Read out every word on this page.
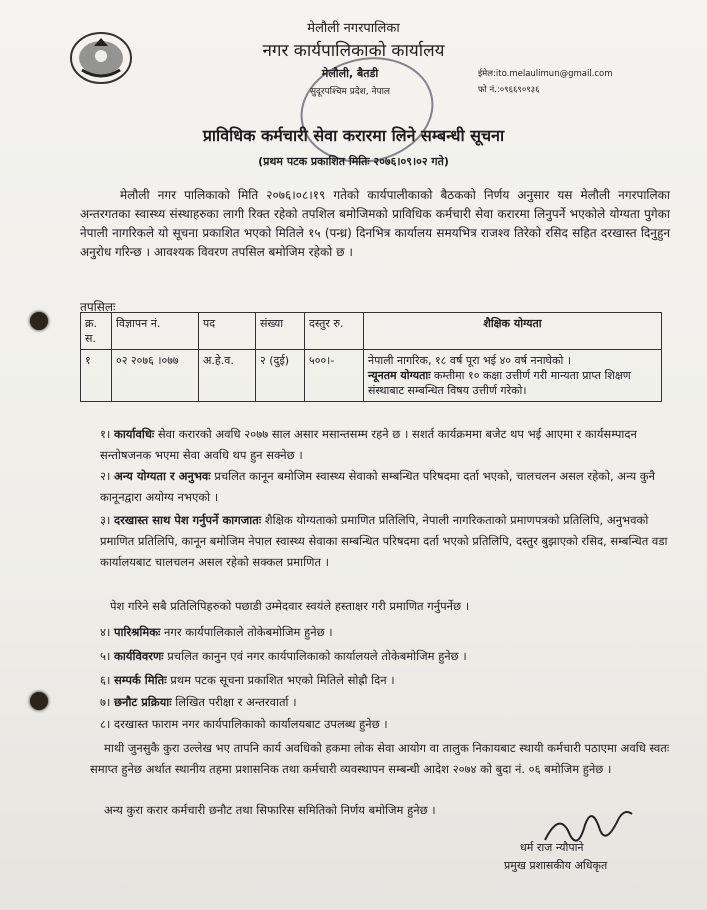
मेलौली नगरपालिका
नगर कार्यपालिकाको कार्यालय
मेलौली, बैतडी
सुदूरपश्चिम प्रदेश, नेपाल
ईमेल:ito.melaulimun@gmail.com
फो नं.:०९६६९०९३६
प्राविधिक कर्मचारी सेवा करारमा लिने सम्बन्धी सूचना
(प्रथम पटक प्रकाशित मितिः २०७६।०९।०२ गते)
मेलौली नगर पालिकाको मिति २०७६।०८।१९ गतेको कार्यपालीकाको बैठकको निर्णय अनुसार यस मेलौली नगरपालिका अन्तरगतका स्वास्थ्य संस्थाहरुका लागी रिक्त रहेको तपशिल बमोजिमको प्राविधिक कर्मचारी सेवा करारमा लिनुपर्ने भएकोले योग्यता पुगेका नेपाली नागरिकले यो सूचना प्रकाशित भएको मितिले १५ (पन्ध्र) दिनभित्र कार्यालय समयभित्र राजश्व तिरेको रसिद सहित दरखास्त दिनुहुन अनुरोध गरिन्छ । आवश्यक विवरण तपसिल बमोजिम रहेको छ ।
तपसिलः
क्र. स.	विज्ञापन नं.	पद	संख्या	दस्तुर रु.	शैक्षिक योग्यता
१	०२ २०७६ ।०७७	अ.हे.व.	२ (दुई)	५००।-	नेपाली नागरिक, १८ वर्ष पूरा भई ४० वर्ष ननाघेको ।
न्यूनतम योग्यताः कम्तीमा १० कक्षा उत्तीर्ण गरी मान्यता प्राप्त शिक्षण संस्थाबाट सम्बन्धित विषय उत्तीर्ण गरेको।
१। कार्यावधिः सेवा करारको अवधि २०७७ साल असार मसान्तसम्म रहने छ । सशर्त कार्यक्रममा बजेट थप भई आएमा र कार्यसम्पादन सन्तोषजनक भएमा सेवा अवधि थप हुन सक्नेछ ।
२। अन्य योग्यता र अनुभवः प्रचलित कानून बमोजिम स्वास्थ्य सेवाको सम्बन्धित परिषदमा दर्ता भएको, चालचलन असल रहेको, अन्य कुनै कानूनद्वारा अयोग्य नभएको ।
३। दरखास्त साथ पेश गर्नुपर्ने कागजातः शैक्षिक योग्यताको प्रमाणित प्रतिलिपि, नेपाली नागरिकताको प्रमाणपत्रको प्रतिलिपि, अनुभवको प्रमाणित प्रतिलिपि, कानून बमोजिम नेपाल स्वास्थ्य सेवाका सम्बन्धित परिषदमा दर्ता भएको प्रतिलिपि, दस्तुर बुझाएको रसिद, सम्बन्धित वडा कार्यालयबाट चालचलन असल रहेको सक्कल प्रमाणित ।
पेश गरिने सबै प्रतिलिपिहरुको पछाडी उम्मेदवार स्वयंले हस्ताक्षर गरी प्रमाणित गर्नुपर्नेछ ।
४। पारिश्रमिकः नगर कार्यपालिकाले तोकेबमोजिम हुनेछ ।
५। कार्यविवरणः प्रचलित कानुन एवं नगर कार्यपालिकाको कार्यालयले तोकेबमोजिम हुनेछ ।
६। सम्पर्क मितिः प्रथम पटक सूचना प्रकाशित भएको मितिले सोह्रौ दिन ।
७। छनौट प्रक्रियाः लिखित परीक्षा र अन्तरवार्ता ।
८। दरखास्त फाराम नगर कार्यपालिकाको कार्यालयबाट उपलब्ध हुनेछ ।
माथी जुनसुकै कुरा उल्लेख भए तापनि कार्य अवधिको हकमा लोक सेवा आयोग वा तालुक निकायबाट स्थायी कर्मचारी पठाएमा अवधि स्वतः समाप्त हुनेछ अर्थात स्थानीय तहमा प्रशासनिक तथा कर्मचारी व्यवस्थापन सम्बन्धी आदेश २०७४ को बुदा नं. ०६ बमोजिम हुनेछ ।
अन्य कुरा करार कर्मचारी छनौट तथा सिफारिस समितिको निर्णय बमोजिम हुनेछ ।
धर्म राज न्यौपाने
प्रमुख प्रशासकीय अधिकृत
